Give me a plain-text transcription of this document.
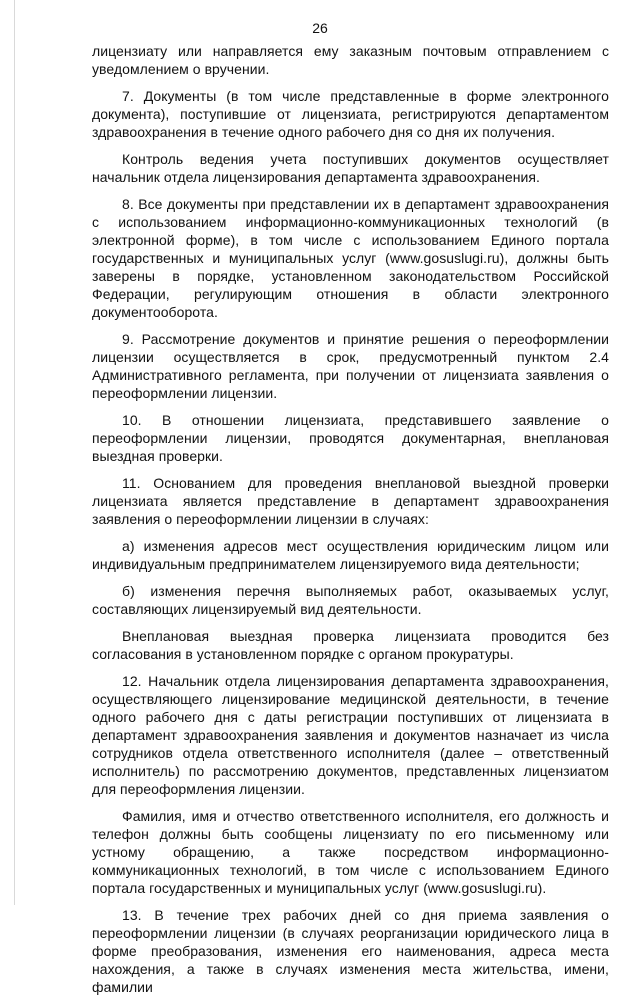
26

лицензиату или направляется ему заказным почтовым отправлением с уведомлением о вручении.

7. Документы (в том числе представленные в форме электронного документа), поступившие от лицензиата, регистрируются департаментом здравоохранения в течение одного рабочего дня со дня их получения.

Контроль ведения учета поступивших документов осуществляет начальник отдела лицензирования департамента здравоохранения.

8. Все документы при представлении их в департамент здравоохранения с использованием информационно-коммуникационных технологий (в электронной форме), в том числе с использованием Единого портала государственных и муниципальных услуг (www.gosuslugi.ru), должны быть заверены в порядке, установленном законодательством Российской Федерации, регулирующим отношения в области электронного документооборота.

9. Рассмотрение документов и принятие решения о переоформлении лицензии осуществляется в срок, предусмотренный пунктом 2.4 Административного регламента, при получении от лицензиата заявления о переоформлении лицензии.

10. В отношении лицензиата, представившего заявление о переоформлении лицензии, проводятся документарная, внеплановая выездная проверки.

11. Основанием для проведения внеплановой выездной проверки лицензиата является представление в департамент здравоохранения заявления о переоформлении лицензии в случаях:

а) изменения адресов мест осуществления юридическим лицом или индивидуальным предпринимателем лицензируемого вида деятельности;

б) изменения перечня выполняемых работ, оказываемых услуг, составляющих лицензируемый вид деятельности.

Внеплановая выездная проверка лицензиата проводится без согласования в установленном порядке с органом прокуратуры.

12. Начальник отдела лицензирования департамента здравоохранения, осуществляющего лицензирование медицинской деятельности, в течение одного рабочего дня с даты регистрации поступивших от лицензиата в департамент здравоохранения заявления и документов назначает из числа сотрудников отдела ответственного исполнителя (далее – ответственный исполнитель) по рассмотрению документов, представленных лицензиатом для переоформления лицензии.

Фамилия, имя и отчество ответственного исполнителя, его должность и телефон должны быть сообщены лицензиату по его письменному или устному обращению, а также посредством информационно-коммуникационных технологий, в том числе с использованием Единого портала государственных и муниципальных услуг (www.gosuslugi.ru).

13. В течение трех рабочих дней со дня приема заявления о переоформлении лицензии (в случаях реорганизации юридического лица в форме преобразования, изменения его наименования, адреса места нахождения, а также в случаях изменения места жительства, имени, фамилии
